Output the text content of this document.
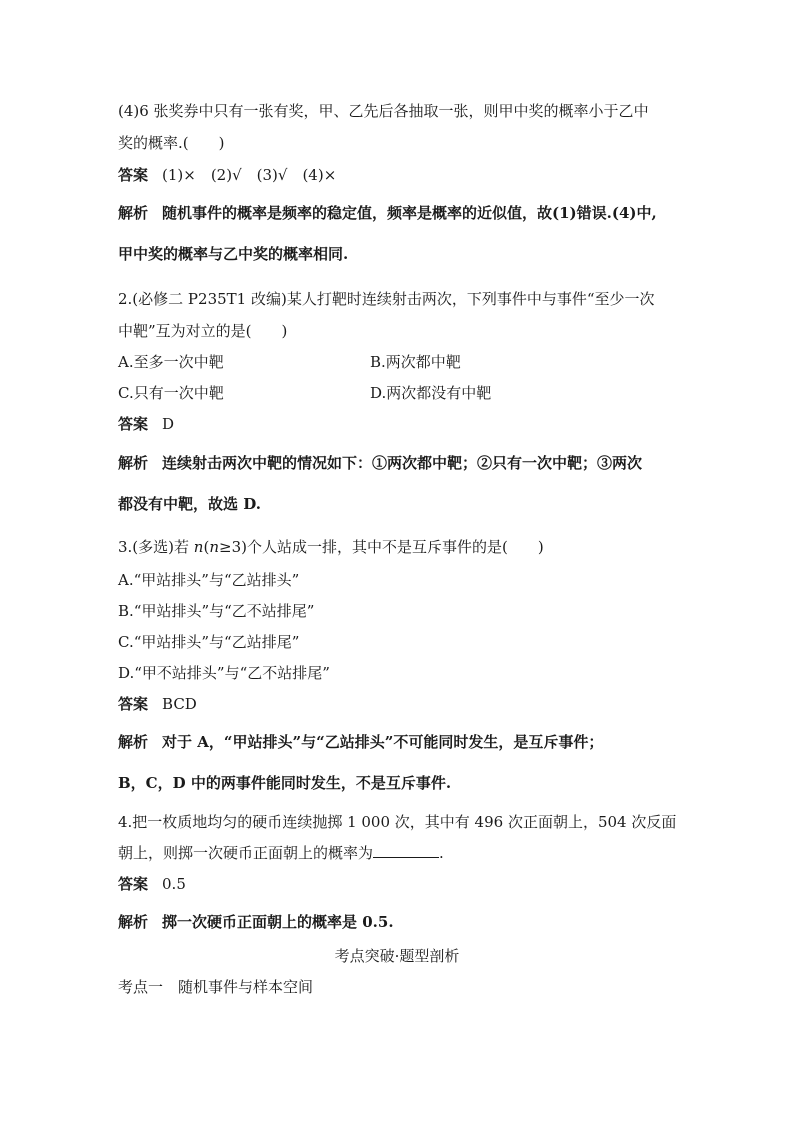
(4)6 张奖券中只有一张有奖，甲、乙先后各抽取一张，则甲中奖的概率小于乙中
奖的概率.( )
答案 (1)×　(2)√　(3)√　(4)×
解析 随机事件的概率是频率的稳定值，频率是概率的近似值，故(1)错误.(4)中,
甲中奖的概率与乙中奖的概率相同.
2.(必修二 P235T1 改编)某人打靶时连续射击两次，下列事件中与事件“至少一次
中靶”互为对立的是( )
A.至多一次中靶	B.两次都中靶
C.只有一次中靶	D.两次都没有中靶
答案 D
解析 连续射击两次中靶的情况如下：①两次都中靶；②只有一次中靶；③两次
都没有中靶，故选 D.
3.(多选)若 n(n≥3)个人站成一排，其中不是互斥事件的是( )
A.“甲站排头”与“乙站排头”
B.“甲站排头”与“乙不站排尾”
C.“甲站排头”与“乙站排尾”
D.“甲不站排头”与“乙不站排尾”
答案 BCD
解析 对于 A，“甲站排头”与“乙站排头”不可能同时发生，是互斥事件；
B，C，D 中的两事件能同时发生，不是互斥事件.
4.把一枚质地均匀的硬币连续抛掷 1 000 次，其中有 496 次正面朝上，504 次反面
朝上，则掷一次硬币正面朝上的概率为	.
答案 0.5
解析 掷一次硬币正面朝上的概率是 0.5.
考点突破·题型剖析
考点一　随机事件与样本空间
